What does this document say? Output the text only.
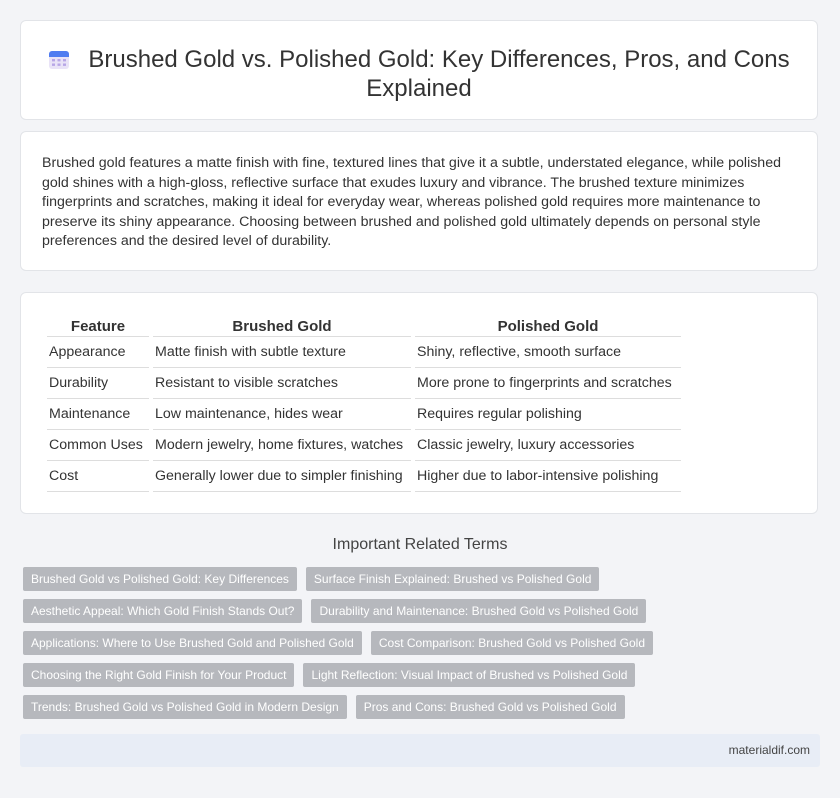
Brushed Gold vs. Polished Gold: Key Differences, Pros, and Cons Explained

Brushed gold features a matte finish with fine, textured lines that give it a subtle, understated elegance, while polished gold shines with a high-gloss, reflective surface that exudes luxury and vibrance. The brushed texture minimizes fingerprints and scratches, making it ideal for everyday wear, whereas polished gold requires more maintenance to preserve its shiny appearance. Choosing between brushed and polished gold ultimately depends on personal style preferences and the desired level of durability.

Feature	Brushed Gold	Polished Gold
Appearance	Matte finish with subtle texture	Shiny, reflective, smooth surface
Durability	Resistant to visible scratches	More prone to fingerprints and scratches
Maintenance	Low maintenance, hides wear	Requires regular polishing
Common Uses	Modern jewelry, home fixtures, watches	Classic jewelry, luxury accessories
Cost	Generally lower due to simpler finishing	Higher due to labor-intensive polishing
Important Related Terms
Brushed Gold vs Polished Gold: Key Differences	Surface Finish Explained: Brushed vs Polished Gold
Aesthetic Appeal: Which Gold Finish Stands Out?	Durability and Maintenance: Brushed Gold vs Polished Gold
Applications: Where to Use Brushed Gold and Polished Gold	Cost Comparison: Brushed Gold vs Polished Gold
Choosing the Right Gold Finish for Your Product	Light Reflection: Visual Impact of Brushed vs Polished Gold
Trends: Brushed Gold vs Polished Gold in Modern Design	Pros and Cons: Brushed Gold vs Polished Gold
materialdif.com
